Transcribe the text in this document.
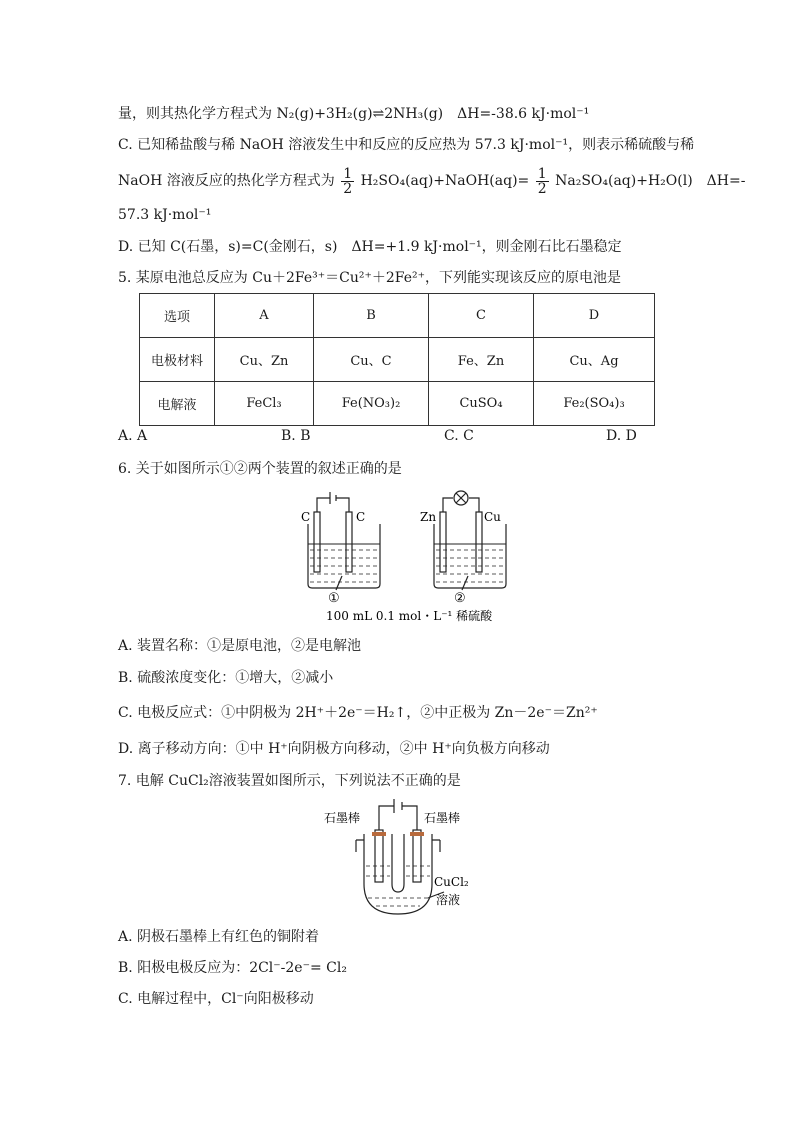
量，则其热化学方程式为 N₂(g)+3H₂(g)⇌2NH₃(g)　ΔH=-38.6 kJ·mol⁻¹
C. 已知稀盐酸与稀 NaOH 溶液发生中和反应的反应热为 57.3 kJ·mol⁻¹，则表示稀硫酸与稀
NaOH 溶液反应的热化学方程式为 $\frac{1}{2}$ H₂SO₄(aq)+NaOH(aq)= $\frac{1}{2} Na_2SO_4(aq)+H_2O(l)$　ΔH=-
57.3 kJ·mol⁻¹
D. 已知 C(石墨，s)=C(金刚石，s)　ΔH=+1.9 kJ·mol⁻¹，则金刚石比石墨稳定
5. 某原电池总反应为 Cu＋2Fe³⁺＝Cu²⁺＋2Fe²⁺，下列能实现该反应的原电池是
选项	A	B	C	D
电极材料	Cu、Zn	Cu、C	Fe、Zn	Cu、Ag
电解液	FeCl₃	Fe(NO₃)₂	CuSO₄	Fe₂(SO₄)₃
A. A	B. B	C. C	D. D
6. 关于如图所示①②两个装置的叙述正确的是
C	C	Zn	Cu
①	②
100 mL 0.1 mol・L⁻¹ 稀硫酸
A. 装置名称：①是原电池，②是电解池
B. 硫酸浓度变化：①增大，②减小
C. 电极反应式：①中阴极为 2H⁺＋2e⁻＝H₂↑，②中正极为 Zn－2e⁻＝Zn²⁺
D. 离子移动方向：①中 H⁺向阴极方向移动，②中 H⁺向负极方向移动
7. 电解 CuCl₂溶液装置如图所示，下列说法不正确的是
石墨棒	石墨棒
CuCl₂
溶液
A. 阴极石墨棒上有红色的铜附着
B. 阳极电极反应为：2Cl⁻-2e⁻= Cl₂
C. 电解过程中，Cl⁻向阳极移动
